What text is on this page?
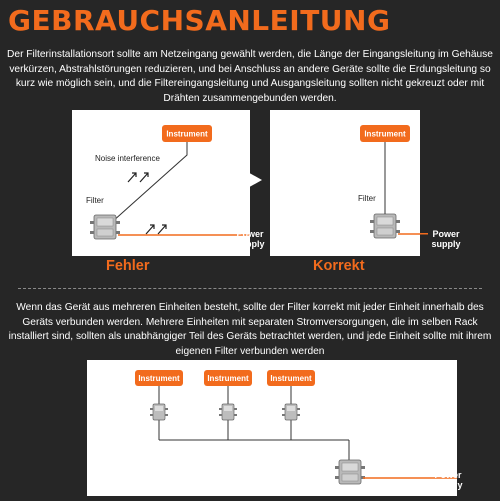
GEBRAUCHSANLEITUNG
Der Filterinstallationsort sollte am Netzeingang gewählt werden, die Länge der Eingangsleitung im Gehäuse verkürzen, Abstrahlstörungen reduzieren, und bei Anschluss an andere Geräte sollte die Erdungsleitung so kurz wie möglich sein, und die Filtereingangsleitung und Ausgangsleitung sollten nicht gekreuzt oder mit Drähten zusammengebunden werden.
Instrument
Noise interference
Filter
Power
supply
Instrument
Filter
Power
supply
Fehler	Korrekt
Wenn das Gerät aus mehreren Einheiten besteht, sollte der Filter korrekt mit jeder Einheit innerhalb des Geräts verbunden werden. Mehrere Einheiten mit separaten Stromversorgungen, die im selben Rack installiert sind, sollten als unabhängiger Teil des Geräts betrachtet werden, und jede Einheit sollte mit ihrem eigenen Filter verbunden werden
Instrument	Instrument	Instrument
Power
supply
